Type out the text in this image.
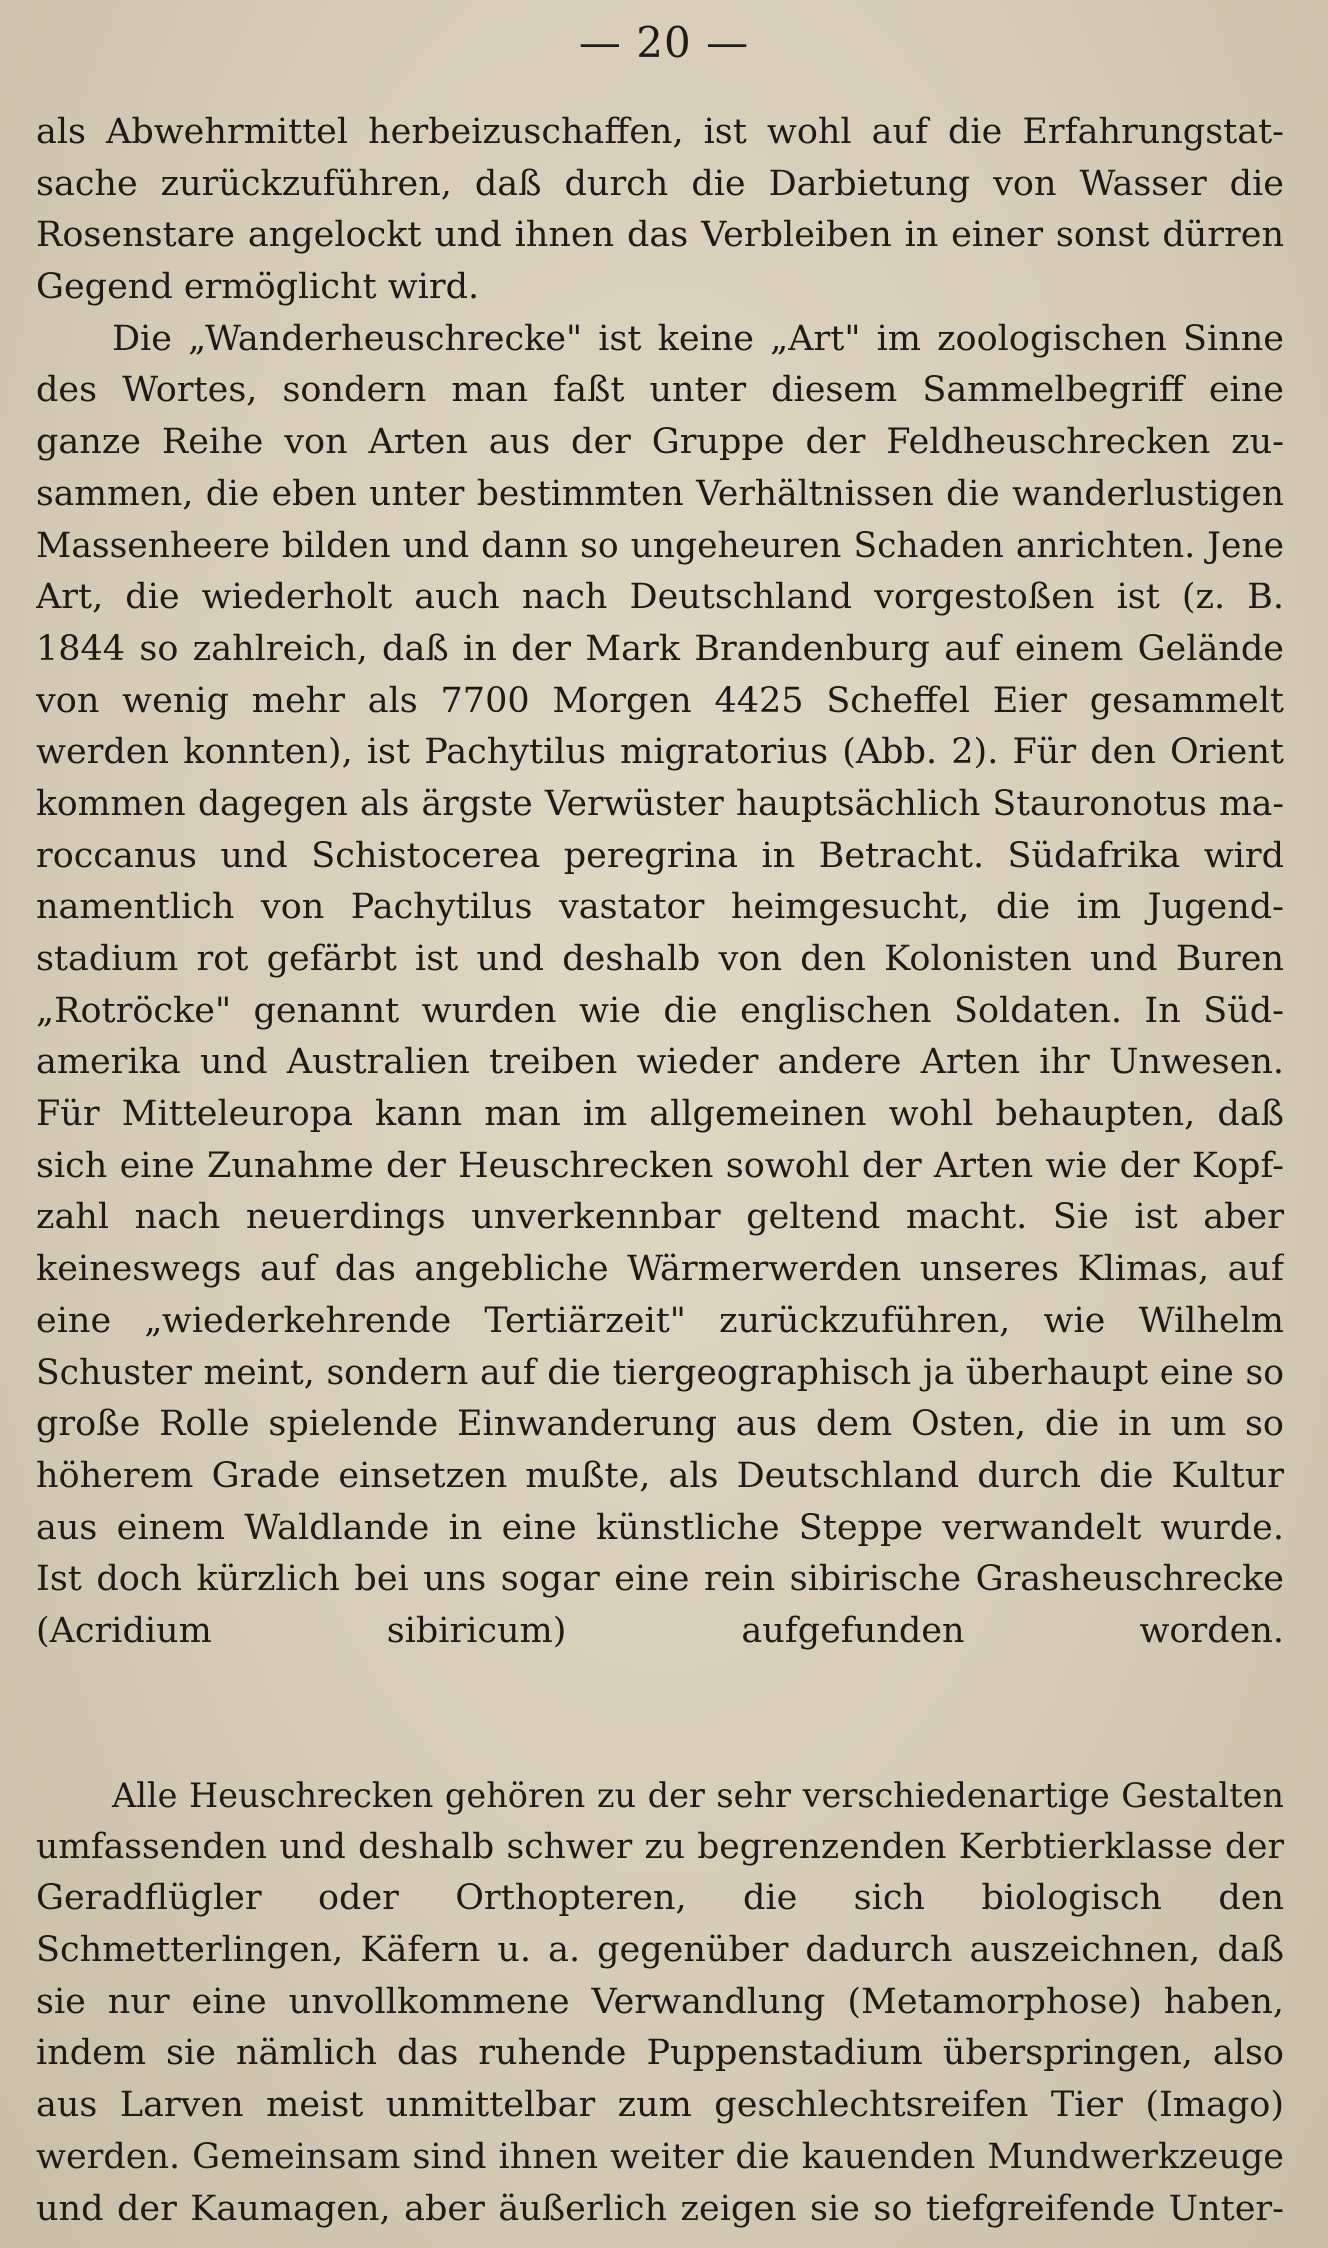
— 20 —
als Abwehrmittel herbeizuschaffen, ist wohl auf die Erfahrungstat-
sache zurückzuführen, daß durch die Darbietung von Wasser die
Rosenstare angelockt und ihnen das Verbleiben in einer sonst dürren
Gegend ermöglicht wird.
Die „Wanderheuschrecke" ist keine „Art" im zoologischen Sinne
des Wortes, sondern man faßt unter diesem Sammelbegriff eine
ganze Reihe von Arten aus der Gruppe der Feldheuschrecken zu-
sammen, die eben unter bestimmten Verhältnissen die wanderlustigen
Massenheere bilden und dann so ungeheuren Schaden anrichten. Jene
Art, die wiederholt auch nach Deutschland vorgestoßen ist (z. B.
1844 so zahlreich, daß in der Mark Brandenburg auf einem Gelände
von wenig mehr als 7700 Morgen 4425 Scheffel Eier gesammelt
werden konnten), ist Pachytilus migratorius (Abb. 2). Für den Orient
kommen dagegen als ärgste Verwüster hauptsächlich Stauronotus ma-
roccanus und Schistocerea peregrina in Betracht. Südafrika wird
namentlich von Pachytilus vastator heimgesucht, die im Jugend-
stadium rot gefärbt ist und deshalb von den Kolonisten und Buren
„Rotröcke" genannt wurden wie die englischen Soldaten. In Süd-
amerika und Australien treiben wieder andere Arten ihr Unwesen.
Für Mitteleuropa kann man im allgemeinen wohl behaupten, daß
sich eine Zunahme der Heuschrecken sowohl der Arten wie der Kopf-
zahl nach neuerdings unverkennbar geltend macht. Sie ist aber
keineswegs auf das angebliche Wärmerwerden unseres Klimas, auf
eine „wiederkehrende Tertiärzeit" zurückzuführen, wie Wilhelm
Schuster meint, sondern auf die tiergeographisch ja überhaupt eine so
große Rolle spielende Einwanderung aus dem Osten, die in um so
höherem Grade einsetzen mußte, als Deutschland durch die Kultur
aus einem Waldlande in eine künstliche Steppe verwandelt wurde.
Ist doch kürzlich bei uns sogar eine rein sibirische Grasheuschrecke
(Acridium sibiricum) aufgefunden worden.
Alle Heuschrecken gehören zu der sehr verschiedenartige Gestalten
umfassenden und deshalb schwer zu begrenzenden Kerbtierklasse der
Geradflügler oder Orthopteren, die sich biologisch den
Schmetterlingen, Käfern u. a. gegenüber dadurch auszeichnen, daß
sie nur eine unvollkommene Verwandlung (Metamorphose) haben,
indem sie nämlich das ruhende Puppenstadium überspringen, also
aus Larven meist unmittelbar zum geschlechtsreifen Tier (Imago)
werden. Gemeinsam sind ihnen weiter die kauenden Mundwerkzeuge
und der Kaumagen, aber äußerlich zeigen sie so tiefgreifende Unter-
